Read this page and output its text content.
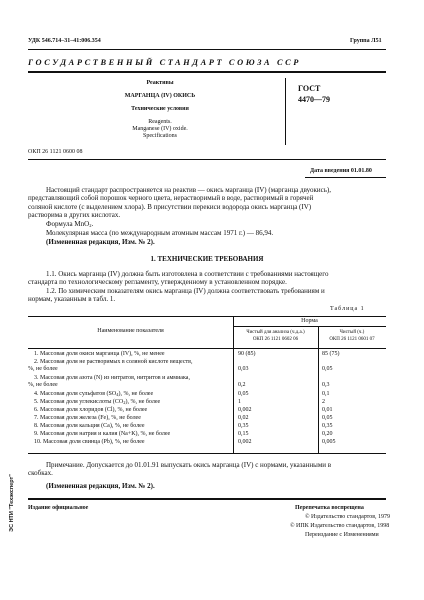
УДК 546.714–31–41:006.354	Группа Л51
ГОСУДАРСТВЕННЫЙ СТАНДАРТ СОЮЗА ССР
Реактивы
МАРГАНЦА (IV) ОКИСЬ
Технические условия
Reagents.
Manganese (IV) oxide.
Specifications
ГОСТ
4470—79
ОКП 26 1121 0600 08
Дата введения 01.01.80
Настоящий стандарт распространяется на реактив — окись марганца (IV) (марганца двуокись),
представляющий собой порошок черного цвета, нерастворимый в воде, растворимый в горячей
соляной кислоте (с выделением хлора). В присутствии перекиси водорода окись марганца (IV)
растворима в других кислотах.
Формула MnO$_2$.
Молекулярная масса (по международным атомным массам 1971 г.) — 86,94.
(Измененная редакция, Изм. № 2).
1. ТЕХНИЧЕСКИЕ ТРЕБОВАНИЯ
1.1. Окись марганца (IV) должна быть изготовлена в соответствии с требованиями настоящего
стандарта по технологическому регламенту, утвержденному в установленном порядке.
1.2. По химическим показателям окись марганца (IV) должна соответствовать требованиям и
нормам, указанным в табл. 1.
Таблица 1
Наименование показателя
Норма
Чистый для анализа (ч.д.а.)
ОКП 26 1121 0602 06
Чистый (ч.)
ОКП 26 1121 0601 07
1. Массовая доля окиси марганца (IV), %, не менее	90 (85)	85 (75)
2. Массовая доля не растворимых в соляной кислоте веществ,
%, не более	0,03	0,05
3. Массовая доля азота (N) из нитратов, нитритов и аммиака,
%, не более	0,2	0,3
4. Массовая доля сульфатов $(SO_4)$, %, не более	0,05	0,1
5. Массовая доля углекислоты $(CO_2)$, %, не более	1	2
6. Массовая доля хлоридов (Cl), %, не более	0,002	0,01
7. Массовая доля железа (Fe), %, не более	0,02	0,05
8. Массовая доля кальция (Ca), %, не более	0,35	0,35
9. Массовая доля натрия и калия (Na+K), %, не более	0,15	0,20
10. Массовая доля свинца (Pb), %, не более	0,002	0,005
Примечание. Допускается до 01.01.91 выпускать окись марганца (IV) с нормами, указанными в
скобках.
(Измененная редакция, Изм. № 2).
Издание официальное	Перепечатка воспрещена
© Издательство стандартов, 1979
© ИПК Издательство стандартов, 1998
Переиздание с Изменениями
ЭС НТИ "Техэксперт"
